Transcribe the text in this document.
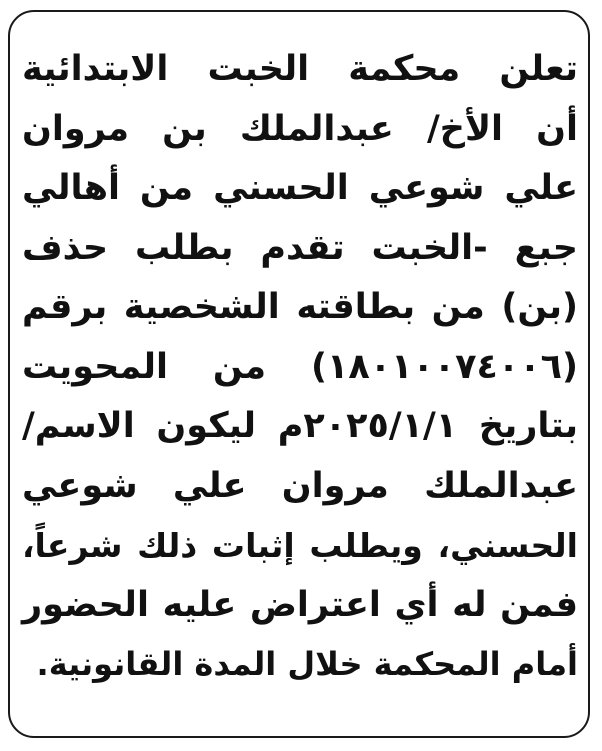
تعلن محكمة الخبت الابتدائية
أن الأخ/ عبدالملك بن مروان
علي شوعي الحسني من أهالي
جبع -الخبت تقدم بطلب حذف
(بن) من بطاقته الشخصية برقم
(١٨٠١٠٠٧٤٠٠٦) من المحويت
بتاريخ ٢٠٢٥/١/١م ليكون الاسم/
عبدالملك مروان علي شوعي
الحسني، ويطلب إثبات ذلك شرعاً،
فمن له أي اعتراض عليه الحضور
أمام المحكمة خلال المدة القانونية.
